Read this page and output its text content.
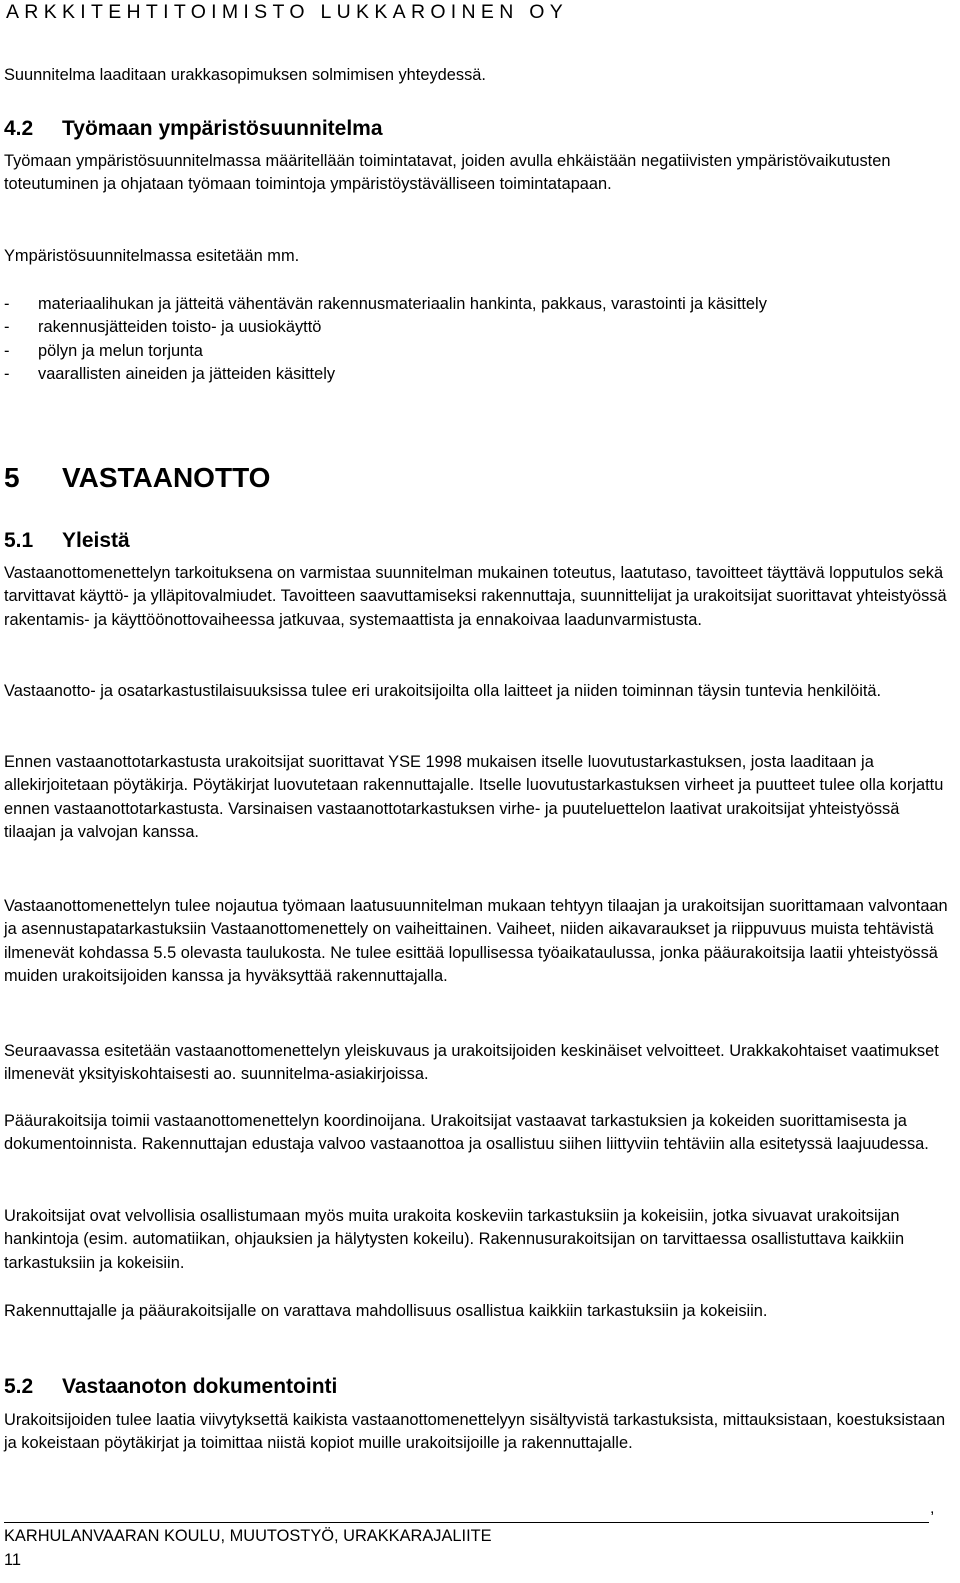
ARKKITEHTITOIMISTO LUKKAROINEN OY

Suunnitelma laaditaan urakkasopimuksen solmimisen yhteydessä.

4.2 Työmaan ympäristösuunnitelma

Työmaan ympäristösuunnitelmassa määritellään toimintatavat, joiden avulla ehkäistään negatiivisten ympäristövaikutusten toteutuminen ja ohjataan työmaan toimintoja ympäristöystävälliseen toimintatapaan.

Ympäristösuunnitelmassa esitetään mm.

- materiaalihukan ja jätteitä vähentävän rakennusmateriaalin hankinta, pakkaus, varastointi ja käsittely
- rakennusjätteiden toisto- ja uusiokäyttö
- pölyn ja melun torjunta
- vaarallisten aineiden ja jätteiden käsittely
5 VASTAANOTTO
5.1 Yleistä

Vastaanottomenettelyn tarkoituksena on varmistaa suunnitelman mukainen toteutus, laatutaso, tavoitteet täyttävä lopputulos sekä tarvittavat käyttö- ja ylläpitovalmiudet. Tavoitteen saavuttamiseksi rakennuttaja, suunnittelijat ja urakoitsijat suorittavat yhteistyössä rakentamis- ja käyttöönottovaiheessa jatkuvaa, systemaattista ja ennakoivaa laadunvarmistusta.

Vastaanotto- ja osatarkastustilaisuuksissa tulee eri urakoitsijoilta olla laitteet ja niiden toiminnan täysin tuntevia henkilöitä.

Ennen vastaanottotarkastusta urakoitsijat suorittavat YSE 1998 mukaisen itselle luovutustarkastuksen, josta laaditaan ja allekirjoitetaan pöytäkirja. Pöytäkirjat luovutetaan rakennuttajalle. Itselle luovutustarkastuksen virheet ja puutteet tulee olla korjattu ennen vastaanottotarkastusta. Varsinaisen vastaanottotarkastuksen virhe- ja puuteluettelon laativat urakoitsijat yhteistyössä tilaajan ja valvojan kanssa.

Vastaanottomenettelyn tulee nojautua työmaan laatusuunnitelman mukaan tehtyyn tilaajan ja urakoitsijan suorittamaan valvontaan ja asennustapatarkastuksiin Vastaanottomenettely on vaiheittainen. Vaiheet, niiden aikavaraukset ja riippuvuus muista tehtävistä ilmenevät kohdassa 5.5 olevasta taulukosta. Ne tulee esittää lopullisessa työaikataulussa, jonka pääurakoitsija laatii yhteistyössä muiden urakoitsijoiden kanssa ja hyväksyttää rakennuttajalla.

Seuraavassa esitetään vastaanottomenettelyn yleiskuvaus ja urakoitsijoiden keskinäiset velvoitteet. Urakkakohtaiset vaatimukset ilmenevät yksityiskohtaisesti ao. suunnitelma-asiakirjoissa.

Pääurakoitsija toimii vastaanottomenettelyn koordinoijana. Urakoitsijat vastaavat tarkastuksien ja kokeiden suorittamisesta ja dokumentoinnista. Rakennuttajan edustaja valvoo vastaanottoa ja osallistuu siihen liittyviin tehtäviin alla esitetyssä laajuudessa.

Urakoitsijat ovat velvollisia osallistumaan myös muita urakoita koskeviin tarkastuksiin ja kokeisiin, jotka sivuavat urakoitsijan hankintoja (esim. automatiikan, ohjauksien ja hälytysten kokeilu). Rakennusurakoitsijan on tarvittaessa osallistuttava kaikkiin tarkastuksiin ja kokeisiin.

Rakennuttajalle ja pääurakoitsijalle on varattava mahdollisuus osallistua kaikkiin tarkastuksiin ja kokeisiin.

5.2 Vastaanoton dokumentointi

Urakoitsijoiden tulee laatia viivytyksettä kaikista vastaanottomenettelyyn sisältyvistä tarkastuksista, mittauksistaan, koestuksistaan ja kokeistaan pöytäkirjat ja toimittaa niistä kopiot muille urakoitsijoille ja rakennuttajalle.

,
KARHULANVAARAN KOULU, MUUTOSTYÖ, URAKKARAJALIITE
11
